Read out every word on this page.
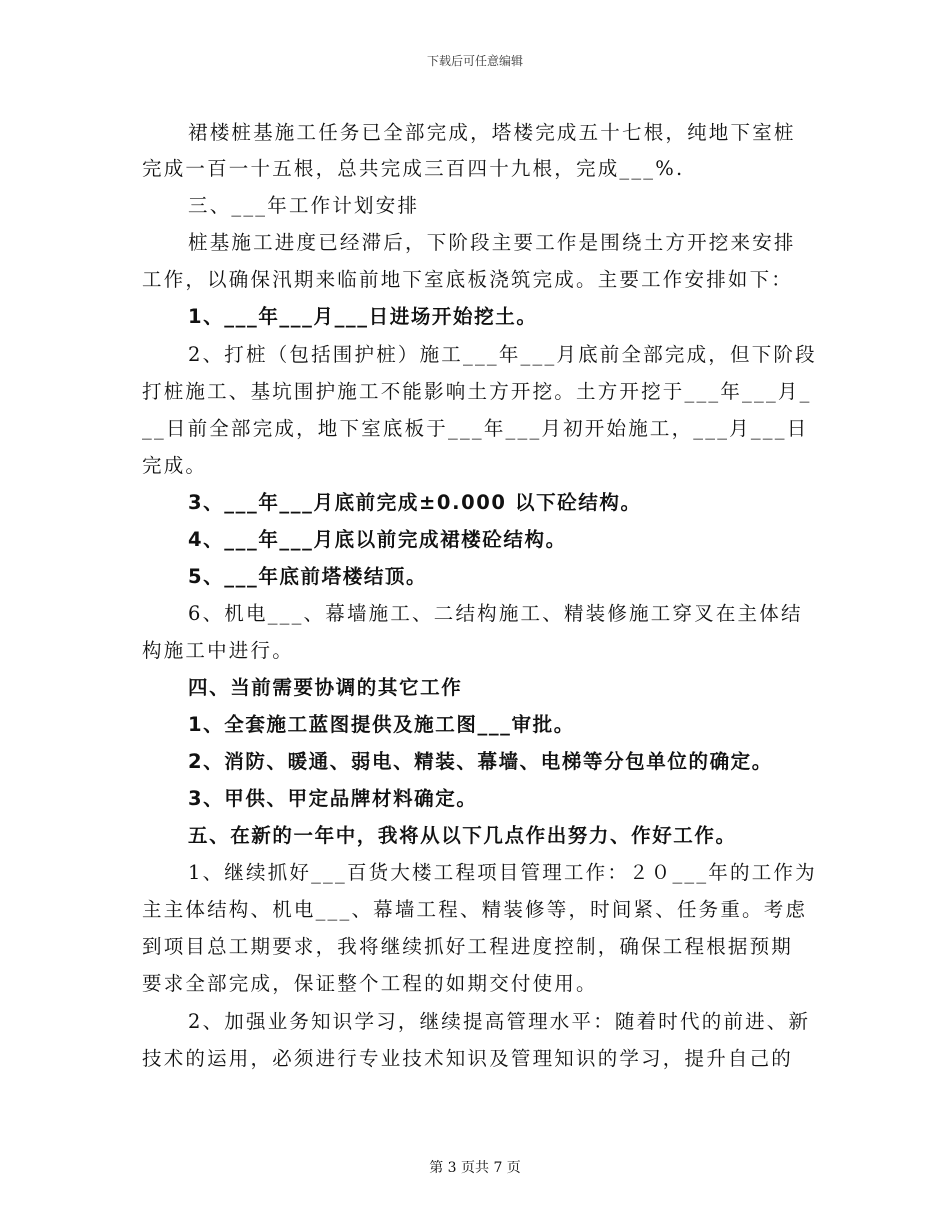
下载后可任意编辑
裙楼桩基施工任务已全部完成，塔楼完成五十七根，纯地下室桩
完成一百一十五根，总共完成三百四十九根，完成___%.
三、___年工作计划安排
桩基施工进度已经滞后，下阶段主要工作是围绕土方开挖来安排
工作，以确保汛期来临前地下室底板浇筑完成。主要工作安排如下：
1、___年___月___日进场开始挖土。
2、打桩（包括围护桩）施工___年___月底前全部完成，但下阶段
打桩施工、基坑围护施工不能影响土方开挖。土方开挖于___年___月_
__日前全部完成，地下室底板于___年___月初开始施工，___月___日
完成。
3、___年___月底前完成±0.000 以下砼结构。
4、___年___月底以前完成裙楼砼结构。
5、___年底前塔楼结顶。
6、机电___、幕墙施工、二结构施工、精装修施工穿叉在主体结
构施工中进行。
四、当前需要协调的其它工作
1、全套施工蓝图提供及施工图___审批。
2、消防、暖通、弱电、精装、幕墙、电梯等分包单位的确定。
3、甲供、甲定品牌材料确定。
五、在新的一年中，我将从以下几点作出努力、作好工作。
1、继续抓好___百货大楼工程项目管理工作：２０___年的工作为
主主体结构、机电___、幕墙工程、精装修等，时间紧、任务重。考虑
到项目总工期要求，我将继续抓好工程进度控制，确保工程根据预期
要求全部完成，保证整个工程的如期交付使用。
2、加强业务知识学习，继续提高管理水平：随着时代的前进、新
技术的运用，必须进行专业技术知识及管理知识的学习，提升自己的
第 3 页共 7 页
